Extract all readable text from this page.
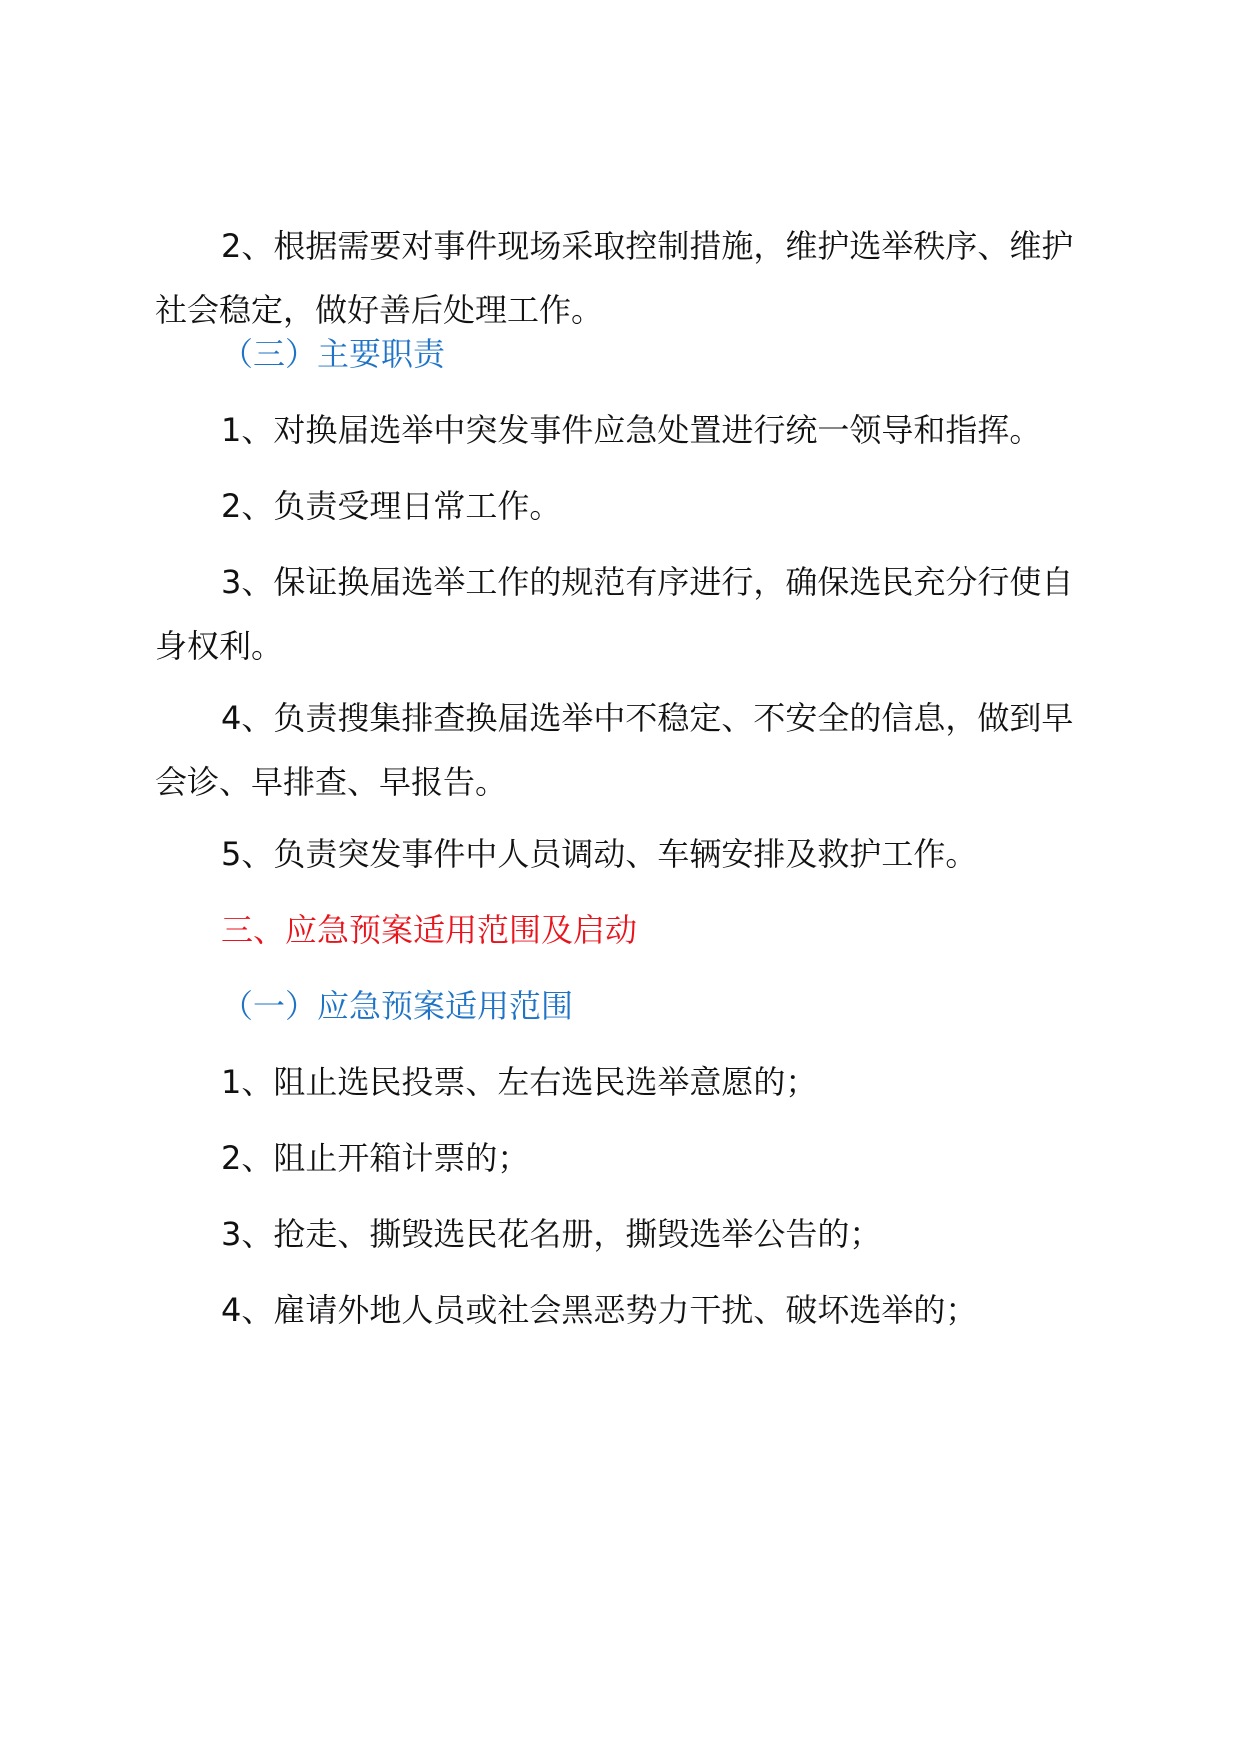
2、根据需要对事件现场采取控制措施，维护选举秩序、维护社会稳定，做好善后处理工作。

（三）主要职责

1、对换届选举中突发事件应急处置进行统一领导和指挥。

2、负责受理日常工作。

3、保证换届选举工作的规范有序进行，确保选民充分行使自身权利。

4、负责搜集排查换届选举中不稳定、不安全的信息，做到早会诊、早排查、早报告。

5、负责突发事件中人员调动、车辆安排及救护工作。

三、应急预案适用范围及启动

（一）应急预案适用范围

1、阻止选民投票、左右选民选举意愿的；

2、阻止开箱计票的；

3、抢走、撕毁选民花名册，撕毁选举公告的；

4、雇请外地人员或社会黑恶势力干扰、破坏选举的；
